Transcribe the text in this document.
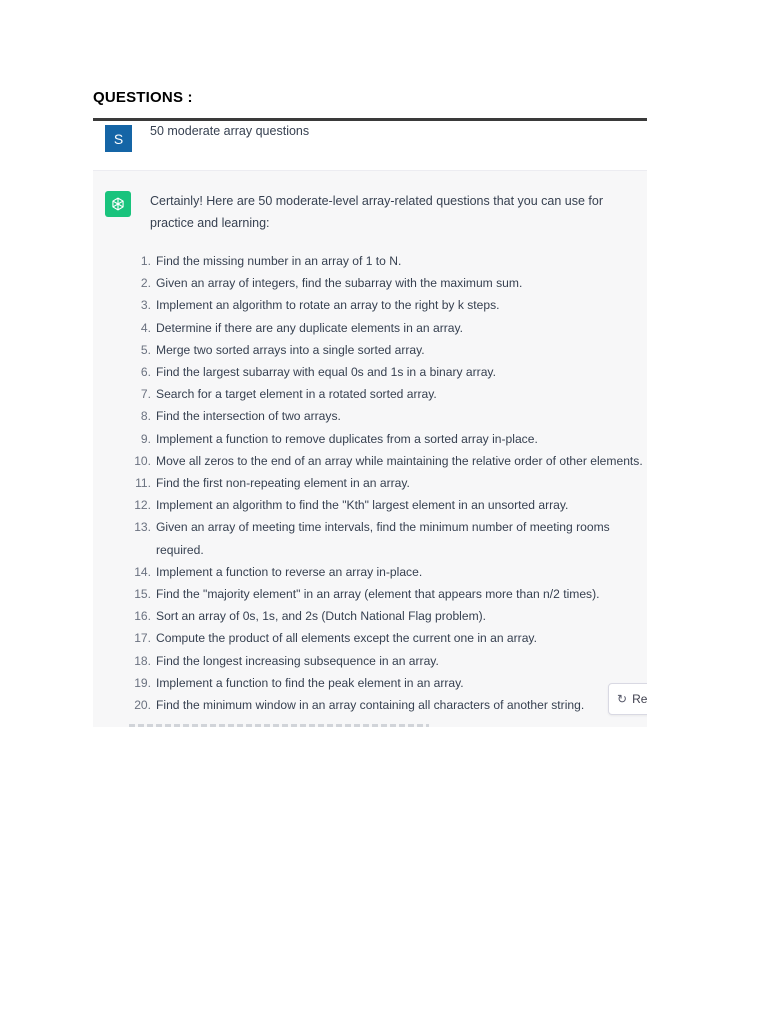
QUESTIONS :
S	50 moderate array questions
Certainly! Here are 50 moderate-level array-related questions that you can use for practice and learning:
1. Find the missing number in an array of 1 to N.
2. Given an array of integers, find the subarray with the maximum sum.
3. Implement an algorithm to rotate an array to the right by k steps.
4. Determine if there are any duplicate elements in an array.
5. Merge two sorted arrays into a single sorted array.
6. Find the largest subarray with equal 0s and 1s in a binary array.
7. Search for a target element in a rotated sorted array.
8. Find the intersection of two arrays.
9. Implement a function to remove duplicates from a sorted array in-place.
10. Move all zeros to the end of an array while maintaining the relative order of other elements.
11. Find the first non-repeating element in an array.
12. Implement an algorithm to find the "Kth" largest element in an unsorted array.
13. Given an array of meeting time intervals, find the minimum number of meeting rooms required.
14. Implement a function to reverse an array in-place.
15. Find the "majority element" in an array (element that appears more than n/2 times).
16. Sort an array of 0s, 1s, and 2s (Dutch National Flag problem).
17. Compute the product of all elements except the current one in an array.
18. Find the longest increasing subsequence in an array.
19. Implement a function to find the peak element in an array.
20. Find the minimum window in an array containing all characters of another string.	↻ Re
